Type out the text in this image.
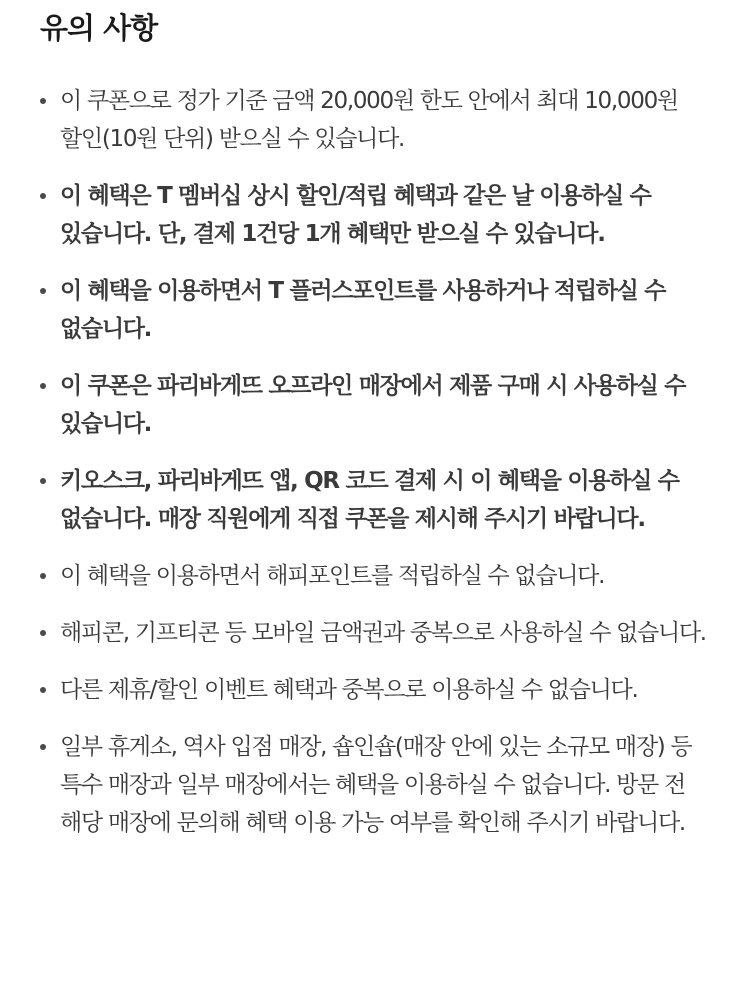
유의 사항
이 쿠폰으로 정가 기준 금액 20,000원 한도 안에서 최대 10,000원 할인(10원 단위) 받으실 수 있습니다.
이 혜택은 T 멤버십 상시 할인/적립 혜택과 같은 날 이용하실 수 있습니다. 단, 결제 1건당 1개 혜택만 받으실 수 있습니다.
이 혜택을 이용하면서 T 플러스포인트를 사용하거나 적립하실 수 없습니다.
이 쿠폰은 파리바게뜨 오프라인 매장에서 제품 구매 시 사용하실 수 있습니다.
키오스크, 파리바게뜨 앱, QR 코드 결제 시 이 혜택을 이용하실 수 없습니다. 매장 직원에게 직접 쿠폰을 제시해 주시기 바랍니다.
이 혜택을 이용하면서 해피포인트를 적립하실 수 없습니다.
해피콘, 기프티콘 등 모바일 금액권과 중복으로 사용하실 수 없습니다.
다른 제휴/할인 이벤트 혜택과 중복으로 이용하실 수 없습니다.
일부 휴게소, 역사 입점 매장, 숍인숍(매장 안에 있는 소규모 매장) 등 특수 매장과 일부 매장에서는 혜택을 이용하실 수 없습니다. 방문 전 해당 매장에 문의해 혜택 이용 가능 여부를 확인해 주시기 바랍니다.
